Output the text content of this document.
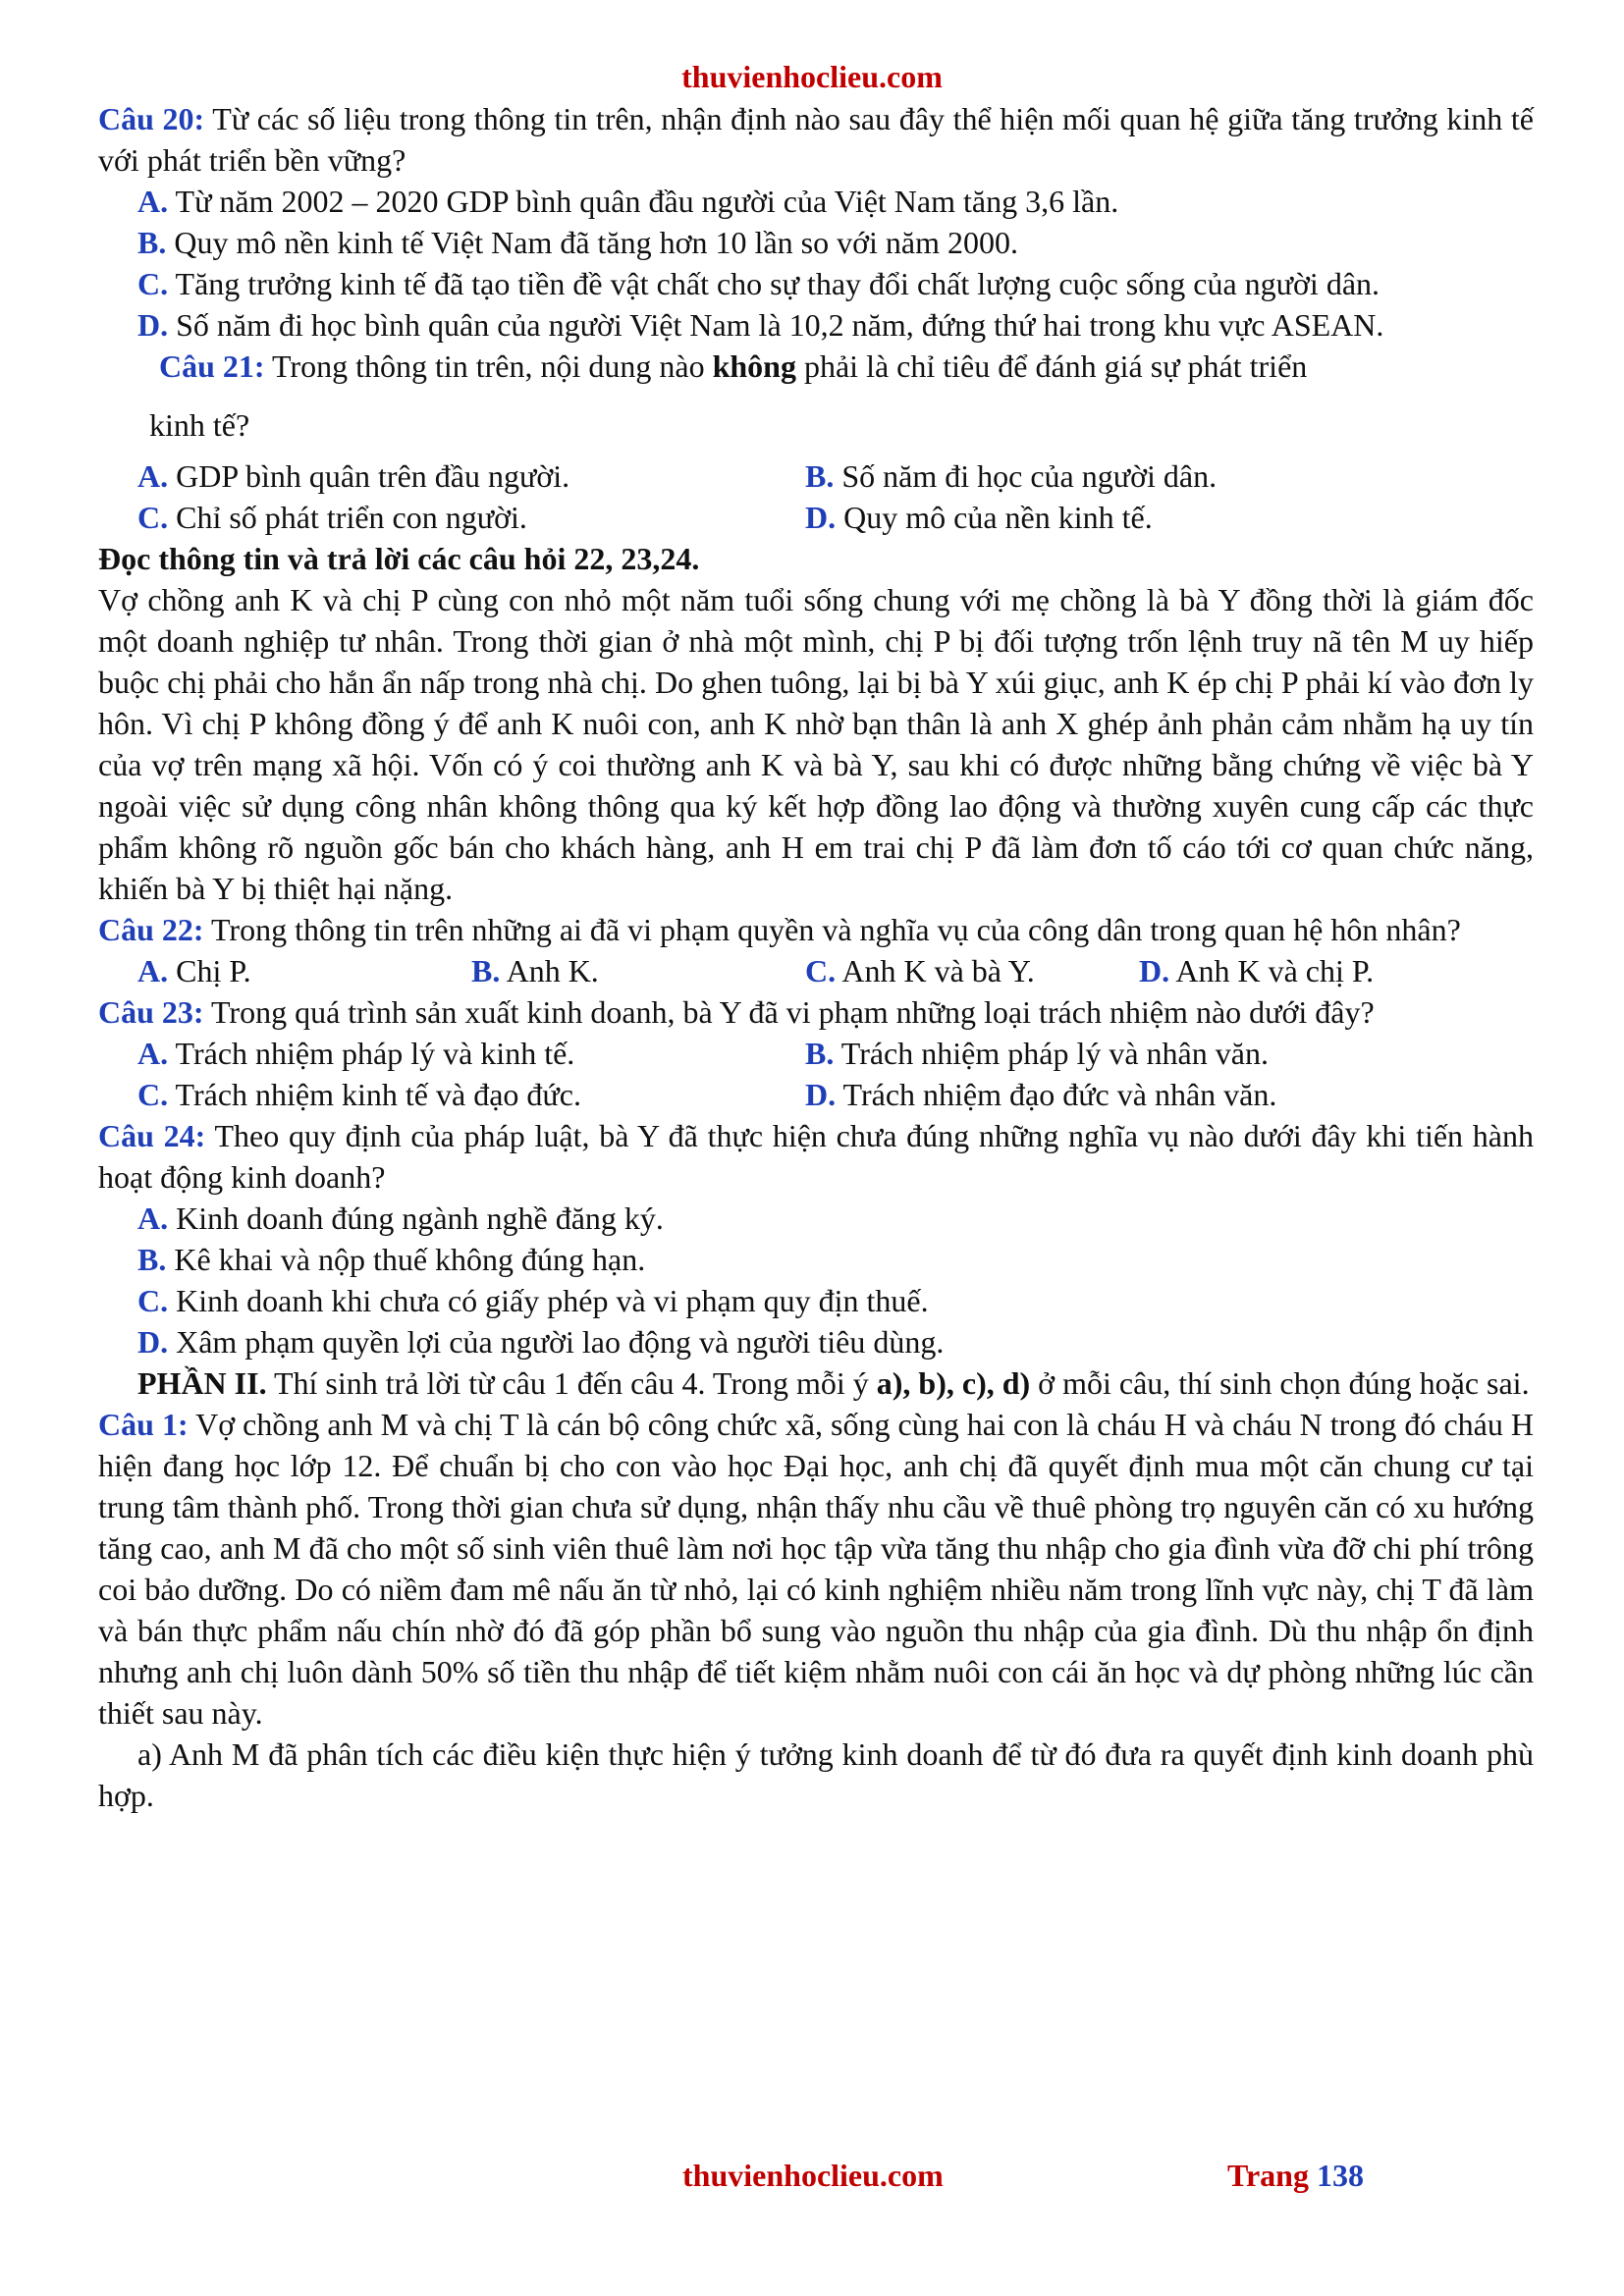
thuvienhoclieu.com

Câu 20: Từ các số liệu trong thông tin trên, nhận định nào sau đây thể hiện mối quan hệ giữa tăng trưởng kinh tế với phát triển bền vững?

A. Từ năm 2002 – 2020 GDP bình quân đầu người của Việt Nam tăng 3,6 lần.

B. Quy mô nền kinh tế Việt Nam đã tăng hơn 10 lần so với năm 2000.

C. Tăng trưởng kinh tế đã tạo tiền đề vật chất cho sự thay đổi chất lượng cuộc sống của người dân.

D. Số năm đi học bình quân của người Việt Nam là 10,2 năm, đứng thứ hai trong khu vực ASEAN.

Câu 21: Trong thông tin trên, nội dung nào không phải là chỉ tiêu để đánh giá sự phát triển

kinh tế?

A. GDP bình quân trên đầu người.	B. Số năm đi học của người dân.
C. Chỉ số phát triển con người.	D. Quy mô của nền kinh tế.

Đọc thông tin và trả lời các câu hỏi 22, 23,24.

Vợ chồng anh K và chị P cùng con nhỏ một năm tuổi sống chung với mẹ chồng là bà Y đồng thời là giám đốc một doanh nghiệp tư nhân. Trong thời gian ở nhà một mình, chị P bị đối tượng trốn lệnh truy nã tên M uy hiếp buộc chị phải cho hắn ẩn nấp trong nhà chị. Do ghen tuông, lại bị bà Y xúi giục, anh K ép chị P phải kí vào đơn ly hôn. Vì chị P không đồng ý để anh K nuôi con, anh K nhờ bạn thân là anh X ghép ảnh phản cảm nhằm hạ uy tín của vợ trên mạng xã hội. Vốn có ý coi thường anh K và bà Y, sau khi có được những bằng chứng về việc bà Y ngoài việc sử dụng công nhân không thông qua ký kết hợp đồng lao động và thường xuyên cung cấp các thực phẩm không rõ nguồn gốc bán cho khách hàng, anh H em trai chị P đã làm đơn tố cáo tới cơ quan chức năng, khiến bà Y bị thiệt hại nặng.

Câu 22: Trong thông tin trên những ai đã vi phạm quyền và nghĩa vụ của công dân trong quan hệ hôn nhân?

A. Chị P.	B. Anh K.	C. Anh K và bà Y.	D. Anh K và chị P.

Câu 23: Trong quá trình sản xuất kinh doanh, bà Y đã vi phạm những loại trách nhiệm nào dưới đây?

A. Trách nhiệm pháp lý và kinh tế.	B. Trách nhiệm pháp lý và nhân văn.
C. Trách nhiệm kinh tế và đạo đức.	D. Trách nhiệm đạo đức và nhân văn.

Câu 24: Theo quy định của pháp luật, bà Y đã thực hiện chưa đúng những nghĩa vụ nào dưới đây khi tiến hành hoạt động kinh doanh?

A. Kinh doanh đúng ngành nghề đăng ký.

B. Kê khai và nộp thuế không đúng hạn.

C. Kinh doanh khi chưa có giấy phép và vi phạm quy địn thuế.

D. Xâm phạm quyền lợi của người lao động và người tiêu dùng.

PHẦN II. Thí sinh trả lời từ câu 1 đến câu 4. Trong mỗi ý a), b), c), d) ở mỗi câu, thí sinh chọn đúng hoặc sai.

Câu 1: Vợ chồng anh M và chị T là cán bộ công chức xã, sống cùng hai con là cháu H và cháu N trong đó cháu H hiện đang học lớp 12. Để chuẩn bị cho con vào học Đại học, anh chị đã quyết định mua một căn chung cư tại trung tâm thành phố. Trong thời gian chưa sử dụng, nhận thấy nhu cầu về thuê phòng trọ nguyên căn có xu hướng tăng cao, anh M đã cho một số sinh viên thuê làm nơi học tập vừa tăng thu nhập cho gia đình vừa đỡ chi phí trông coi bảo dưỡng. Do có niềm đam mê nấu ăn từ nhỏ, lại có kinh nghiệm nhiều năm trong lĩnh vực này, chị T đã làm và bán thực phẩm nấu chín nhờ đó đã góp phần bổ sung vào nguồn thu nhập của gia đình. Dù thu nhập ổn định nhưng anh chị luôn dành 50% số tiền thu nhập để tiết kiệm nhằm nuôi con cái ăn học và dự phòng những lúc cần thiết sau này.

a) Anh M đã phân tích các điều kiện thực hiện ý tưởng kinh doanh để từ đó đưa ra quyết định kinh doanh phù hợp.

thuvienhoclieu.com	Trang 138
